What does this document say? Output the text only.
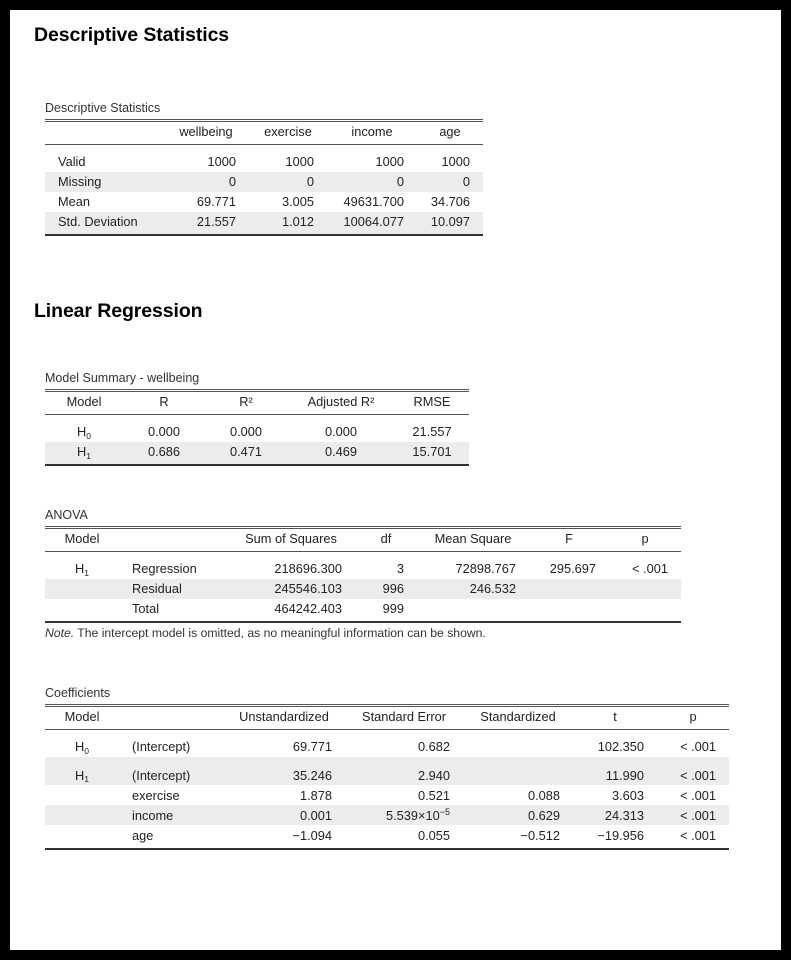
Descriptive Statistics
Descriptive Statistics
	wellbeing	exercise	income	age
Valid	1000	1000	1000	1000
Missing	0	0	0	0
Mean	69.771	3.005	49631.700	34.706
Std. Deviation	21.557	1.012	10064.077	10.097
Linear Regression
Model Summary - wellbeing
Model	R	R²	Adjusted R²	RMSE
$H_0$	0.000	0.000	0.000	21.557
$H_1$	0.686	0.471	0.469	15.701
ANOVA
Model		Sum of Squares	df	Mean Square	F	p
$H_1$	Regression	218696.300	3	72898.767	295.697	< .001
	Residual	245546.103	996	246.532		
	Total	464242.403	999			
Note. The intercept model is omitted, as no meaningful information can be shown.
Coefficients
Model		Unstandardized	Standard Error	Standardized	t	p
$H_0$	(Intercept)	69.771	0.682		102.350	< .001
$H_1$	(Intercept)	35.246	2.940		11.990	< .001
	exercise	1.878	0.521	0.088	3.603	< .001
	income	0.001	$5.539\times 10^{-5}$	0.629	24.313	< .001
	age	−1.094	0.055	−0.512	−19.956	< .001
